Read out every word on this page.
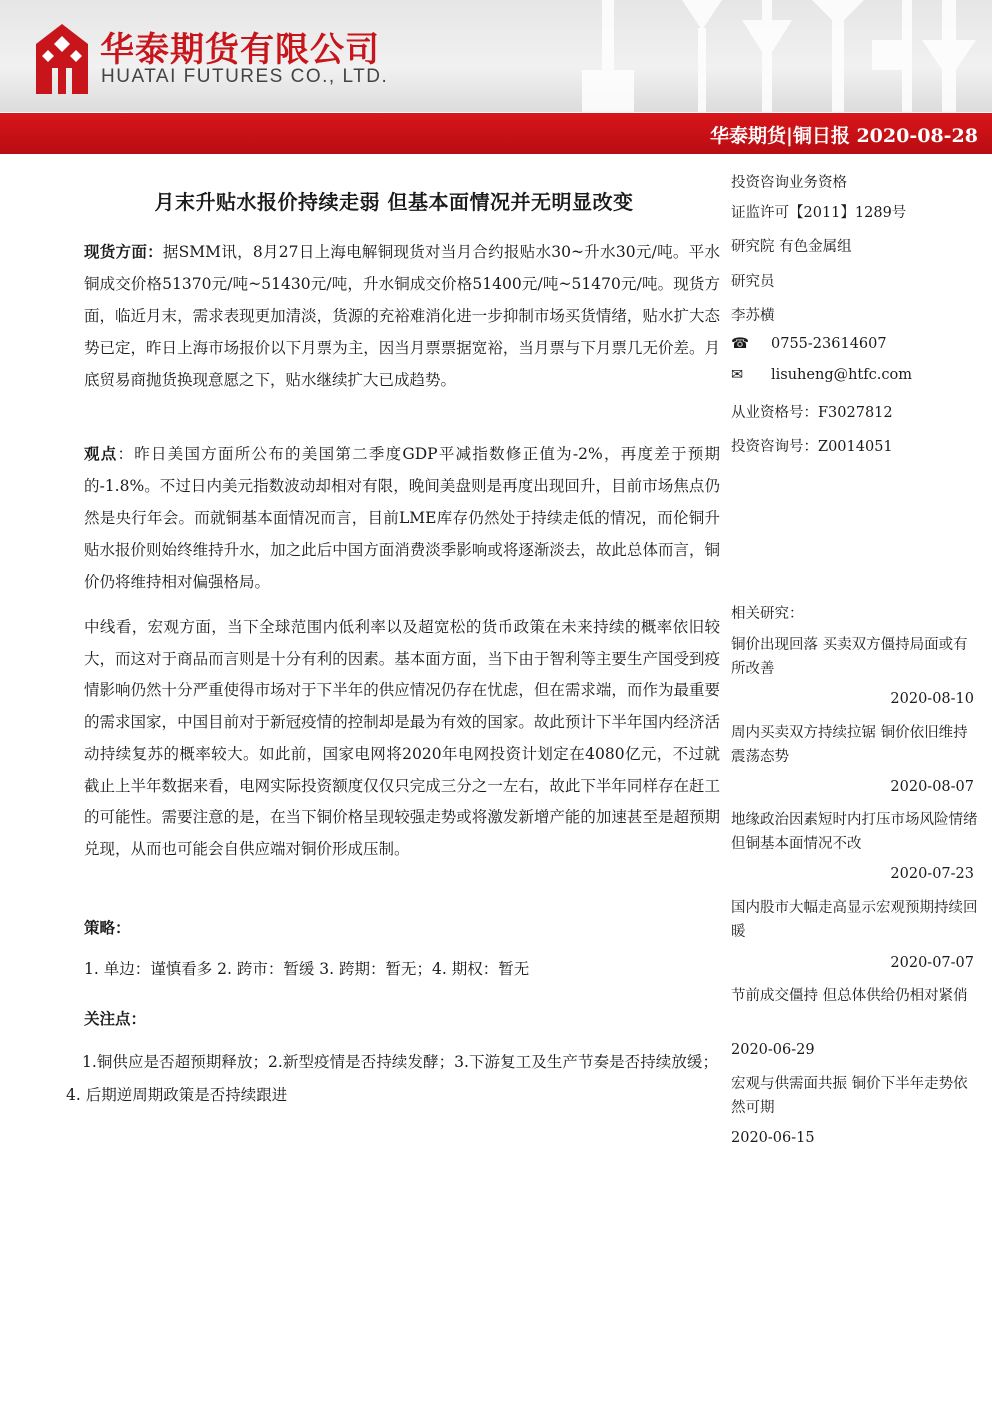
华泰期货有限公司
HUATAI FUTURES CO., LTD.
华泰期货|铜日报 2020-08-28
月末升贴水报价持续走弱 但基本面情况并无明显改变

现货方面：据SMM讯，8月27日上海电解铜现货对当月合约报贴水30~升水30元/吨。平水铜成交价格51370元/吨~51430元/吨，升水铜成交价格51400元/吨~51470元/吨。现货方面，临近月末，需求表现更加清淡，货源的充裕难消化进一步抑制市场买货情绪，贴水扩大态势已定，昨日上海市场报价以下月票为主，因当月票票据宽裕，当月票与下月票几无价差。月底贸易商抛货换现意愿之下，贴水继续扩大已成趋势。

观点：昨日美国方面所公布的美国第二季度GDP平减指数修正值为-2%，再度差于预期的-1.8%。不过日内美元指数波动却相对有限，晚间美盘则是再度出现回升，目前市场焦点仍然是央行年会。而就铜基本面情况而言，目前LME库存仍然处于持续走低的情况，而伦铜升贴水报价则始终维持升水，加之此后中国方面消费淡季影响或将逐渐淡去，故此总体而言，铜价仍将维持相对偏强格局。

中线看，宏观方面，当下全球范围内低利率以及超宽松的货币政策在未来持续的概率依旧较大，而这对于商品而言则是十分有利的因素。基本面方面，当下由于智利等主要生产国受到疫情影响仍然十分严重使得市场对于下半年的供应情况仍存在忧虑，但在需求端，而作为最重要的需求国家，中国目前对于新冠疫情的控制却是最为有效的国家。故此预计下半年国内经济活动持续复苏的概率较大。如此前，国家电网将2020年电网投资计划定在4080亿元，不过就截止上半年数据来看，电网实际投资额度仅仅只完成三分之一左右，故此下半年同样存在赶工的可能性。需要注意的是，在当下铜价格呈现较强走势或将激发新增产能的加速甚至是超预期兑现，从而也可能会自供应端对铜价形成压制。

策略：
1. 单边：谨慎看多 2. 跨市：暂缓 3. 跨期：暂无；4. 期权：暂无
关注点：
1.铜供应是否超预期释放；2.新型疫情是否持续发酵；3.下游复工及生产节奏是否持续放缓；4. 后期逆周期政策是否持续跟进
投资咨询业务资格
证监许可【2011】1289号
研究院 有色金属组
研究员
李苏横
☎ 0755-23614607
✉ lisuheng@htfc.com
从业资格号：F3027812
投资咨询号：Z0014051
相关研究：
铜价出现回落 买卖双方僵持局面或有所改善
2020-08-10
周内买卖双方持续拉锯 铜价依旧维持震荡态势
2020-08-07
地缘政治因素短时内打压市场风险情绪 但铜基本面情况不改
2020-07-23
国内股市大幅走高显示宏观预期持续回暖
2020-07-07
节前成交僵持 但总体供给仍相对紧俏
2020-06-29
宏观与供需面共振 铜价下半年走势依然可期
2020-06-15
